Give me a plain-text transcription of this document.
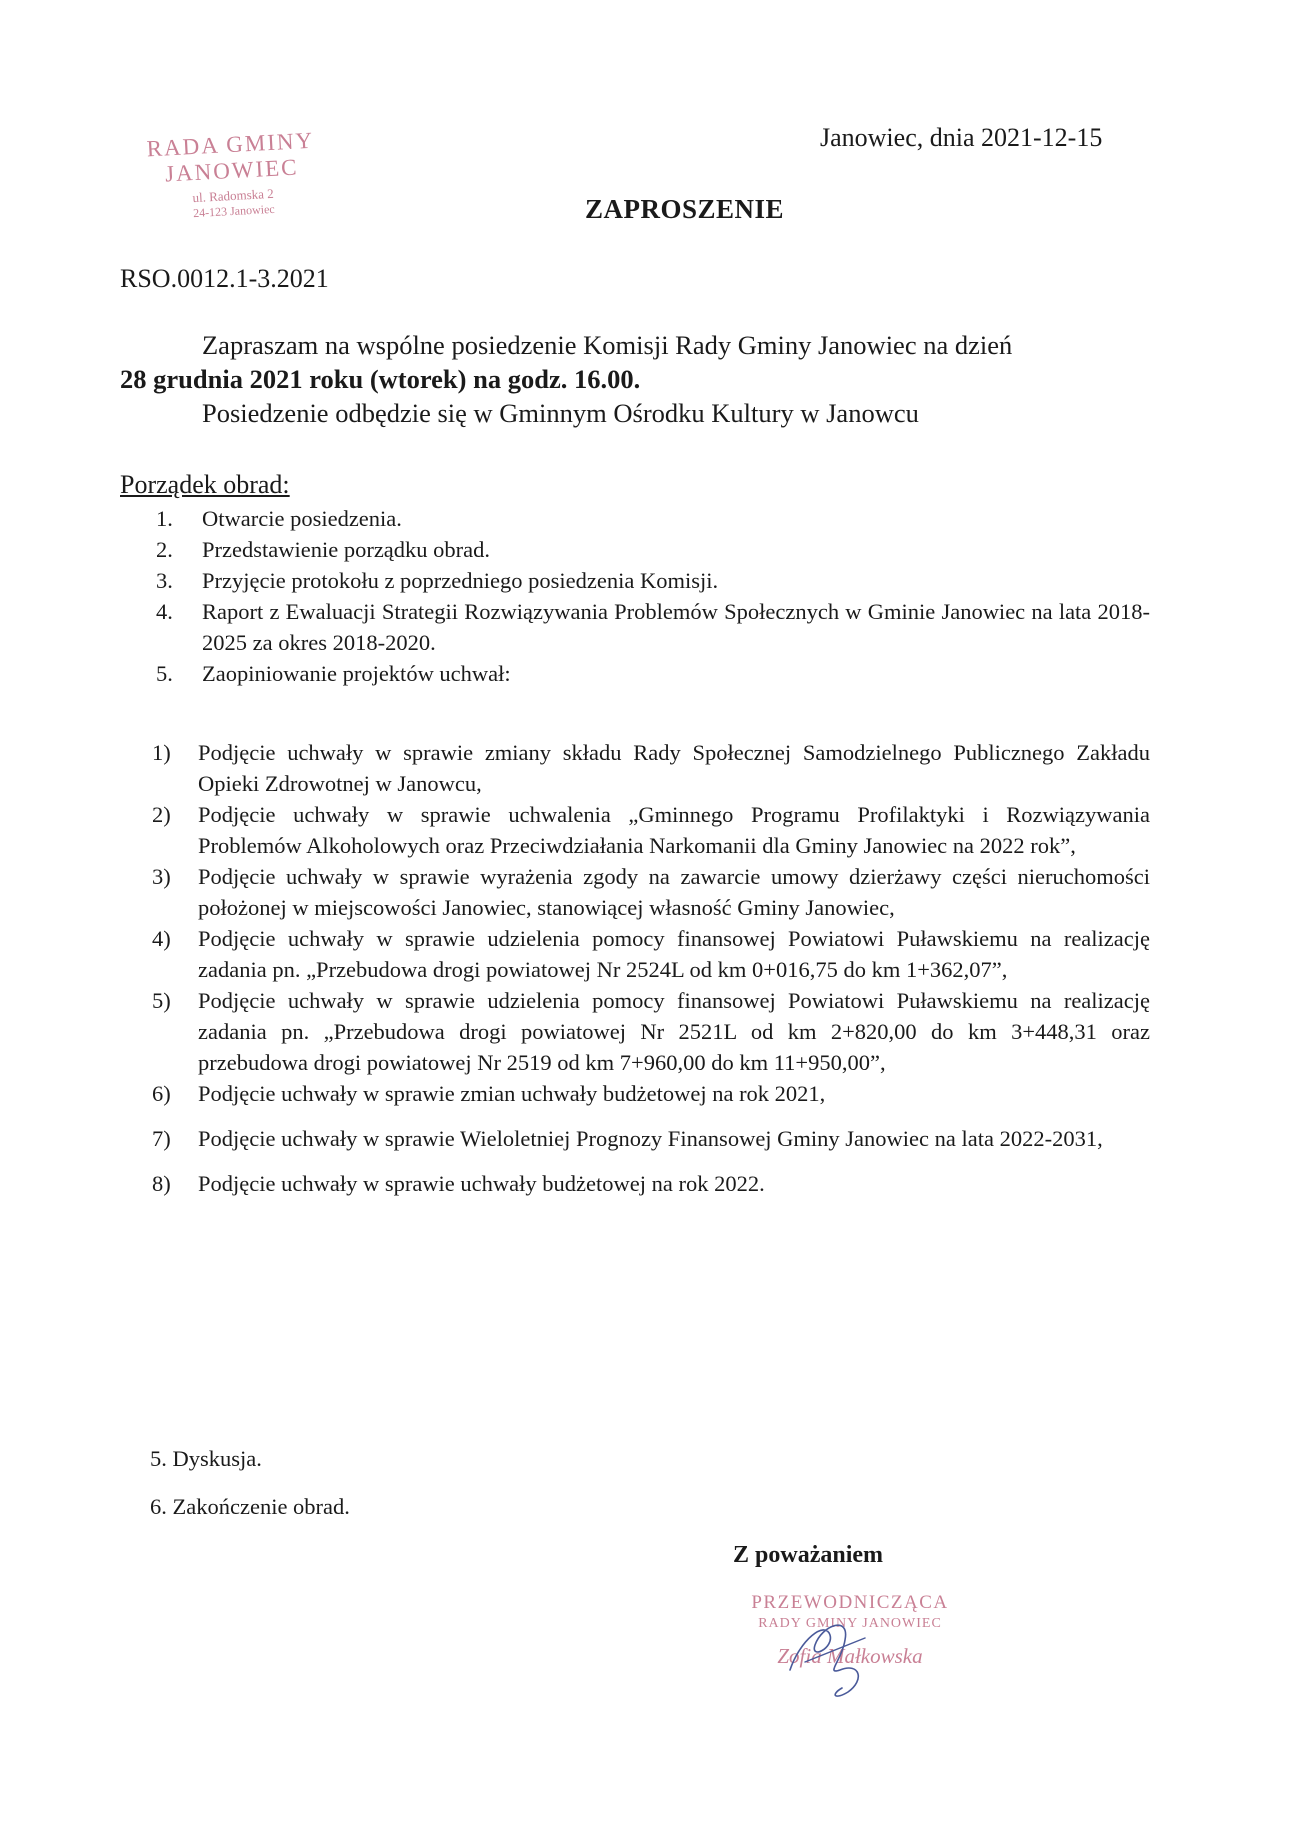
RADA GMINY
JANOWIEC
ul. Radomska 2
24-123 Janowiec
Janowiec, dnia 2021-12-15
ZAPROSZENIE
RSO.0012.1-3.2021
Zapraszam na wspólne posiedzenie Komisji Rady Gminy Janowiec na dzień
28 grudnia 2021 roku (wtorek) na godz. 16.00.
Posiedzenie odbędzie się w Gminnym Ośrodku Kultury w Janowcu
Porządek obrad:
1.	Otwarcie posiedzenia.
2.	Przedstawienie porządku obrad.
3.	Przyjęcie protokołu z poprzedniego posiedzenia Komisji.
4.	Raport z Ewaluacji Strategii Rozwiązywania Problemów Społecznych w Gminie Janowiec na lata 2018-2025 za okres 2018-2020.
5.	Zaopiniowanie projektów uchwał:
1)	Podjęcie uchwały w sprawie zmiany składu Rady Społecznej Samodzielnego Publicznego Zakładu Opieki Zdrowotnej w Janowcu,
2)	Podjęcie uchwały w sprawie uchwalenia „Gminnego Programu Profilaktyki i Rozwiązywania Problemów Alkoholowych oraz Przeciwdziałania Narkomanii dla Gminy Janowiec na 2022 rok”,
3)	Podjęcie uchwały w sprawie wyrażenia zgody na zawarcie umowy dzierżawy części nieruchomości położonej w miejscowości Janowiec, stanowiącej własność Gminy Janowiec,
4)	Podjęcie uchwały w sprawie udzielenia pomocy finansowej Powiatowi Puławskiemu na realizację zadania pn. „Przebudowa drogi powiatowej Nr 2524L od km 0+016,75 do km 1+362,07”,
5)	Podjęcie uchwały w sprawie udzielenia pomocy finansowej Powiatowi Puławskiemu na realizację zadania pn. „Przebudowa drogi powiatowej Nr 2521L od km 2+820,00 do km 3+448,31 oraz przebudowa drogi powiatowej Nr 2519 od km 7+960,00 do km 11+950,00”,
6)	Podjęcie uchwały w sprawie zmian uchwały budżetowej na rok 2021,
7)	Podjęcie uchwały w sprawie Wieloletniej Prognozy Finansowej Gminy Janowiec na lata 2022-2031,
8)	Podjęcie uchwały w sprawie uchwały budżetowej na rok 2022.
5. Dyskusja.
6. Zakończenie obrad.
Z poważaniem
PRZEWODNICZĄCA
RADY GMINY JANOWIEC
Zofia Małkowska
